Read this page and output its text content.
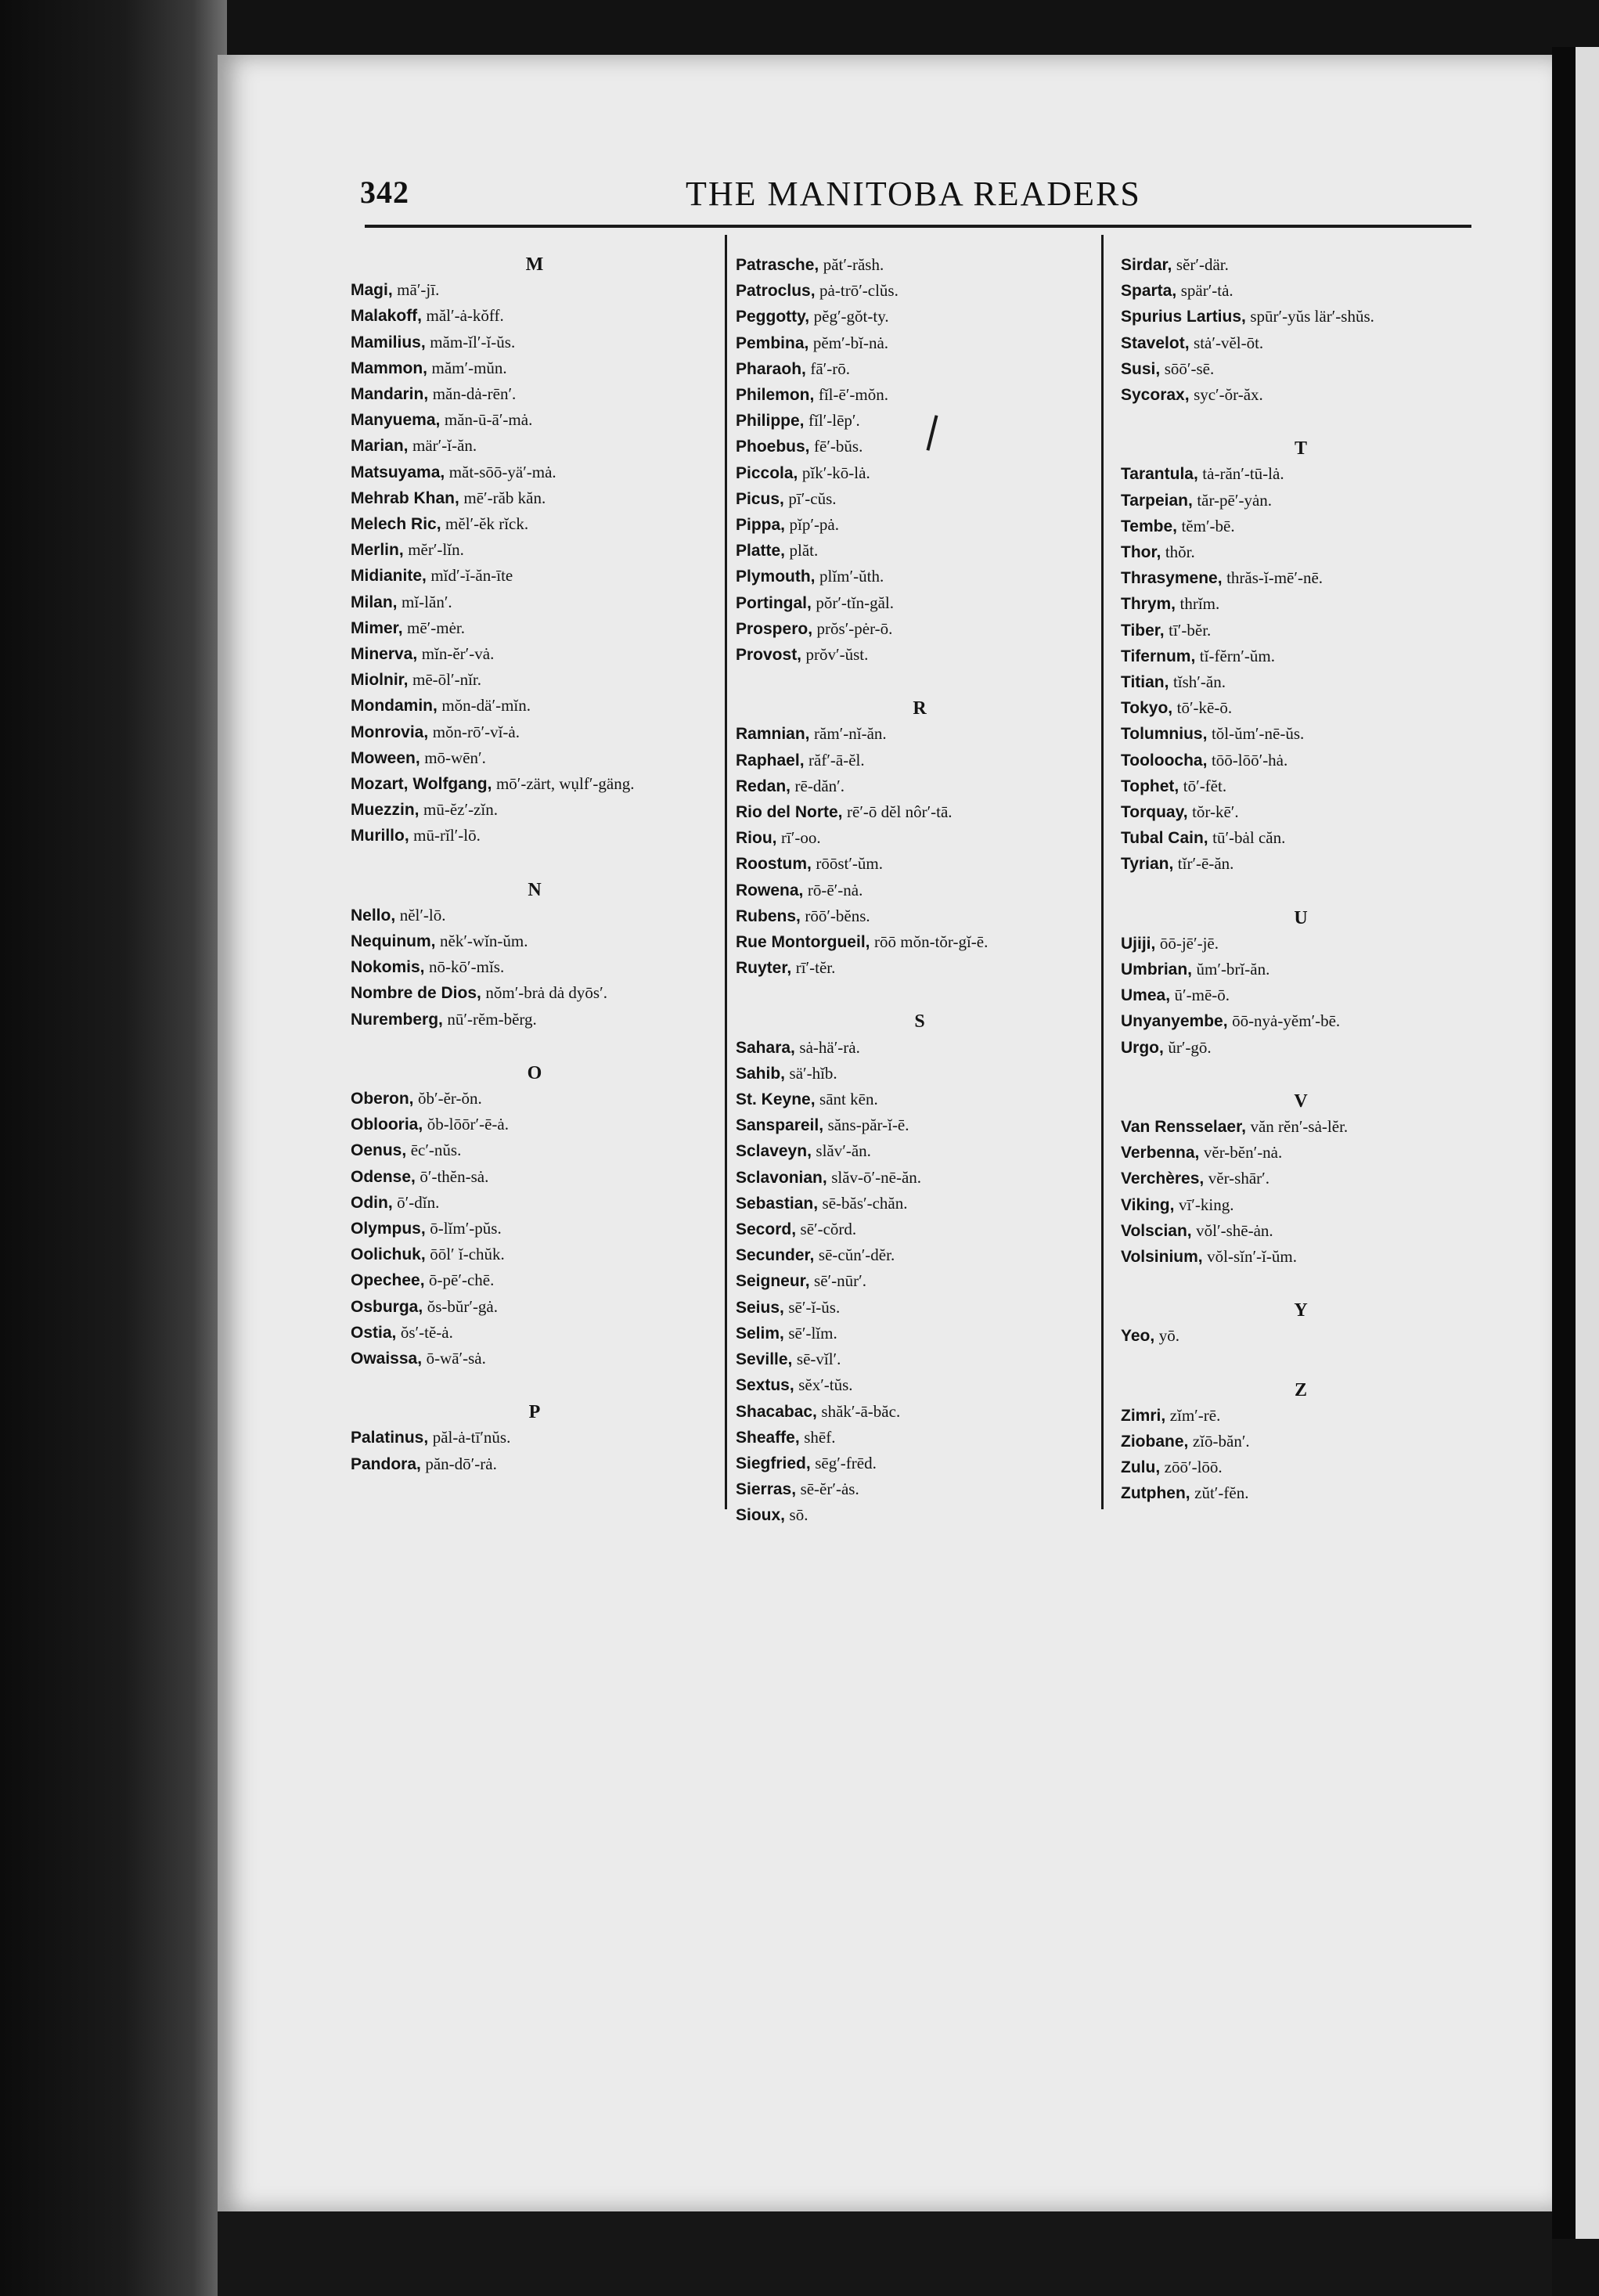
342	THE MANITOBA READERS
M
Magi, mā′-jī.
Malakoff, măl′-ȧ-kŏff.
Mamilius, măm-ĭl′-ĭ-ŭs.
Mammon, măm′-mŭn.
Mandarin, măn-dȧ-rēn′.
Manyuema, măn-ū-ā′-mȧ.
Marian, mär′-ĭ-ăn.
Matsuyama, măt-sōō-yä′-mȧ.
Mehrab Khan, mē′-răb kăn.
Melech Ric, mĕl′-ĕk rĭck.
Merlin, mĕr′-lĭn.
Midianite, mĭd′-ĭ-ăn-īte
Milan, mĭ-lăn′.
Mimer, mē′-mėr.
Minerva, mĭn-ĕr′-vȧ.
Miolnir, mē-ōl′-nĭr.
Mondamin, mŏn-dä′-mĭn.
Monrovia, mŏn-rō′-vĭ-ȧ.
Moween, mō-wēn′.
Mozart, Wolfgang, mō′-zärt, wụlf′-gäng.
Muezzin, mū-ĕz′-zĭn.
Murillo, mū-rĭl′-lō.
N
Nello, nĕl′-lō.
Nequinum, nĕk′-wĭn-ŭm.
Nokomis, nō-kō′-mĭs.
Nombre de Dios, nŏm′-brȧ dȧ dyōs′.
Nuremberg, nū′-rĕm-bĕrg.
O
Oberon, ŏb′-ĕr-ŏn.
Oblooria, ŏb-lōōr′-ē-ȧ.
Oenus, ēc′-nŭs.
Odense, ō′-thĕn-sȧ.
Odin, ō′-dĭn.
Olympus, ō-lĭm′-pŭs.
Oolichuk, ōōl′ ĭ-chŭk.
Opechee, ō-pē′-chē.
Osburga, ŏs-bŭr′-gȧ.
Ostia, ŏs′-tĕ-ȧ.
Owaissa, ō-wā′-sȧ.
P
Palatinus, păl-ȧ-tī′nŭs.
Pandora, păn-dō′-rȧ.
Patrasche, păt′-răsh.
Patroclus, pȧ-trō′-clŭs.
Peggotty, pĕg′-gŏt-ty.
Pembina, pĕm′-bĭ-nȧ.
Pharaoh, fā′-rō.
Philemon, fĭl-ē′-mŏn.
Philippe, fĭl′-lēp′.
Phoebus, fē′-bŭs.
Piccola, pĭk′-kō-lȧ.
Picus, pī′-cŭs.
Pippa, pĭp′-pȧ.
Platte, plăt.
Plymouth, plĭm′-ŭth.
Portingal, pŏr′-tĭn-găl.
Prospero, prŏs′-pėr-ō.
Provost, prŏv′-ŭst.
R
Ramnian, răm′-nĭ-ăn.
Raphael, răf′-ā-ĕl.
Redan, rē-dăn′.
Rio del Norte, rē′-ō dĕl nôr′-tā.
Riou, rī′-oo.
Roostum, rōōst′-ŭm.
Rowena, rō-ē′-nȧ.
Rubens, rōō′-bĕns.
Rue Montorgueil, rōō mŏn-tŏr-gĭ-ē.
Ruyter, rī′-tĕr.
S
Sahara, sȧ-hä′-rȧ.
Sahib, sä′-hĭb.
St. Keyne, sānt kēn.
Sanspareil, săns-păr-ĭ-ē.
Sclaveyn, slăv′-ăn.
Sclavonian, slăv-ō′-nē-ăn.
Sebastian, sē-băs′-chăn.
Secord, sē′-cŏrd.
Secunder, sē-cŭn′-dĕr.
Seigneur, sē′-nūr′.
Seius, sē′-ĭ-ŭs.
Selim, sē′-lĭm.
Seville, sē-vĭl′.
Sextus, sĕx′-tŭs.
Shacabac, shăk′-ā-băc.
Sheaffe, shēf.
Siegfried, sēg′-frēd.
Sierras, sē-ĕr′-ȧs.
Sioux, sō.
Sirdar, sĕr′-där.
Sparta, spär′-tȧ.
Spurius Lartius, spūr′-yŭs lär′-shŭs.
Stavelot, stȧ′-vĕl-ōt.
Susi, sōō′-sē.
Sycorax, syc′-ŏr-ăx.
T
Tarantula, tȧ-răn′-tū-lȧ.
Tarpeian, tăr-pē′-yȧn.
Tembe, tĕm′-bē.
Thor, thŏr.
Thrasymene, thrăs-ĭ-mē′-nē.
Thrym, thrĭm.
Tiber, tī′-bĕr.
Tifernum, tĭ-fĕrn′-ŭm.
Titian, tĭsh′-ăn.
Tokyo, tō′-kē-ō.
Tolumnius, tŏl-ŭm′-nē-ŭs.
Tooloocha, tōō-lōō′-hȧ.
Tophet, tō′-fĕt.
Torquay, tŏr-kē′.
Tubal Cain, tū′-bȧl căn.
Tyrian, tĭr′-ē-ăn.
U
Ujiji, ōō-jē′-jē.
Umbrian, ŭm′-brĭ-ăn.
Umea, ū′-mē-ō.
Unyanyembe, ōō-nyȧ-yĕm′-bē.
Urgo, ŭr′-gō.
V
Van Rensselaer, văn rĕn′-sȧ-lĕr.
Verbenna, vĕr-bĕn′-nȧ.
Verchères, vĕr-shār′.
Viking, vī′-king.
Volscian, vŏl′-shē-ȧn.
Volsinium, vŏl-sĭn′-ĭ-ŭm.
Y
Yeo, yō.
Z
Zimri, zĭm′-rē.
Ziobane, zĭō-băn′.
Zulu, zōō′-lōō.
Zutphen, zŭt′-fĕn.
